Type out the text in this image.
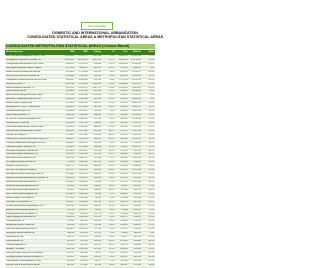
demographia
DOMESTIC AND INTERNATIONAL URBANIZATION
CONSOLIDATED STATISTICAL AREAS & METROPOLITAN STATISTICAL AREAS
CONSOLIDATED METROPOLITAN STATISTICAL AREAS (Census Based)
Metropolitan Area	1990	2000	Change	%	Core	Suburbs	Share
New York-Newark-Bridgeport NY-NJ-CT-PA	19,549,649	21,361,797	1,812,148	9.3%	8,008,278	13,353,519	37.5%
Los Angeles-Long Beach-Riverside CA	14,531,529	16,373,645	1,842,116	12.7%	3,694,820	12,678,825	22.6%
Chicago-Naperville-Michigan City IL-IN-WI	8,385,397	9,312,255	926,858	11.1%	2,896,016	6,416,239	31.1%
Washington-Baltimore-Northern Virginia	6,727,050	7,608,070	881,020	13.1%	572,059	7,036,011	7.5%
Boston-Worcester-Manchester MA-NH	5,455,403	5,715,698	260,295	4.8%	589,141	5,126,557	10.3%
San Jose-San Francisco-Oakland CA	6,290,008	7,039,362	749,354	11.9%	894,943	6,144,419	12.7%
Philadelphia-Camden-Vineland PA-NJ-DE-MD	5,892,937	6,188,463	295,526	5.0%	1,517,550	4,670,913	24.5%
Dallas-Fort Worth TX	4,037,282	5,221,801	1,184,519	29.3%	1,188,580	4,033,221	22.8%
Houston-Baytown-Huntsville TX	3,767,335	4,815,122	1,047,787	27.8%	1,953,631	2,861,491	40.6%
Detroit-Warren-Flint MI	5,095,695	5,357,538	261,843	5.1%	951,270	4,406,268	17.8%
Atlanta-Sandy Springs-Gainesville GA-AL	3,317,389	4,548,344	1,230,955	37.1%	416,474	4,131,870	9.2%
Miami-Fort Lauderdale-Miami Beach FL	4,056,100	5,007,564	951,464	23.5%	362,470	4,645,094	7.2%
Seattle-Tacoma-Olympia WA	2,970,328	3,604,165	633,837	21.3%	563,374	3,040,791	15.6%
Minneapolis-St. Paul-St. Cloud MN-WI	2,809,324	3,271,888	462,564	16.5%	382,618	2,889,270	11.7%
Cleveland-Akron-Elyria OH	2,859,644	2,945,831	86,187	3.0%	478,403	2,467,428	16.2%
Denver-Aurora-Boulder CO	1,980,140	2,449,044	468,904	23.7%	554,636	1,894,408	22.6%
St. Louis-St. Charles-Farmington MO-IL	2,580,897	2,698,687	117,790	4.6%	348,189	2,350,498	12.9%
Pittsburgh-New Castle PA	2,564,535	2,525,730	-38,805	-1.5%	334,563	2,191,167	13.2%
Sacramento-Arden-Arcade-Truckee CA-NV	1,563,495	1,930,149	366,654	23.5%	407,018	1,523,131	21.1%
Portland-Vancouver-Beaverton OR-WA	1,605,051	2,097,049	491,998	30.7%	529,121	1,567,928	25.2%
Orlando-The Villages FL	1,224,852	1,697,906	473,054	38.6%	185,951	1,511,955	11.0%
Kansas City-Overland Park-Kansas City MO-KS	1,636,527	1,901,070	264,543	16.2%	441,545	1,459,525	23.2%
Cincinnati-Middletown-Wilmington OH-KY-IN	1,880,332	2,050,175	169,843	9.0%	331,285	1,718,890	16.2%
Columbus-Marion-Chillicothe OH	1,545,013	1,781,449	236,436	15.3%	711,470	1,069,979	39.9%
Indianapolis-Anderson-Columbus IN	1,470,053	1,693,029	222,976	15.2%	781,870	911,159	46.2%
Charlotte-Gastonia-Salisbury NC-SC	1,202,539	1,500,069	297,530	24.7%	540,828	959,241	36.1%
Milwaukee-Racine-Waukesha WI	1,607,183	1,689,572	82,389	5.1%	596,974	1,092,598	35.3%
Las Vegas-Paradise-Pahrump NV	770,280	1,408,250	637,970	82.8%	478,434	929,816	34.0%
Raleigh-Durham-Cary NC	1,067,779	1,314,589	246,810	23.1%	276,093	1,038,496	21.0%
Salt Lake City-Ogden-Clearfield UT	1,072,227	1,454,259	382,032	35.6%	181,743	1,272,516	12.5%
Greensboro-Winston-Salem-High Point NC	1,158,434	1,309,025	150,591	13.0%	223,891	1,085,134	17.1%
Nashville-Davidson-Murfreesboro-Columbia TN	1,048,218	1,381,287	333,069	31.8%	545,524	835,763	39.5%
Hartford-West Hartford-Willimantic CT	1,123,678	1,148,618	24,940	2.2%	121,578	1,027,040	10.6%
Greenville-Spartanburg-Anderson SC	893,240	1,017,289	124,049	13.9%	56,002	961,287	5.5%
Grand Rapids-Muskegon-Holland MI	937,891	1,088,514	150,623	16.1%	197,800	890,714	18.2%
New Orleans-Metairie-Bogalusa LA	1,324,470	1,360,436	35,966	2.7%	484,674	875,762	35.6%
Buffalo-Niagara-Cattaraugus NY	1,272,305	1,254,066	-18,239	-1.4%	292,648	961,418	23.3%
Oklahoma City-Shawnee OK	1,015,117	1,148,881	133,764	13.2%	506,132	642,749	44.1%
Louisville-Elizabethtown-Scottsburg KY-IN	1,095,236	1,225,633	130,397	11.9%	256,231	969,402	20.9%
Albany-Schenectady-Amsterdam NY	993,716	1,010,071	16,355	1.6%	95,658	914,413	9.5%
Knoxville-Sevierville-La Follette TN	702,883	854,655	151,772	21.6%	173,890	680,765	20.3%
Dayton-Springfield-Greenville OH	1,100,216	1,085,094	-15,122	-1.4%	166,179	918,915	15.3%
Tulsa-Bartlesville OK	755,539	908,528	152,989	20.2%	393,049	515,479	43.3%
Birmingham-Hoover-Cullman AL	950,385	1,129,721	179,336	18.9%	242,820	886,901	21.5%
Rochester-Batavia-Seneca Falls NY	1,062,470	1,098,201	35,731	3.4%	219,773	878,428	20.0%
Harrisburg-Carlisle-Lebanon PA	588,282	629,401	41,119	7.0%	48,950	580,451	7.8%
Jacksonville FL-GA	906,727	1,122,750	216,023	23.8%	735,617	387,133	65.5%
Fresno-Madera CA	667,490	922,516	255,026	38.2%	427,652	494,864	46.4%
Columbia-Newberry SC	453,331	647,158	193,827	42.8%	116,278	530,880	18.0%
Memphis TN-MS-AR	1,067,263	1,205,204	137,941	12.9%	650,100	555,104	53.9%
Little Rock-North Little Rock-Pine Bluff AR	623,727	694,664	70,937	11.4%	183,133	511,531	26.4%
Lexington-Fayette-Frankfort-Richmond KY	531,917	645,891	113,974	21.4%	260,512	385,379	40.3%
Chattanooga-Cleveland-Athens TN-GA	489,566	528,143	38,577	7.9%	155,554	372,589	29.5%
Omaha-Council Bluffs-Fremont NE-IA	685,797	767,041	81,244	11.8%	390,007	377,034	50.8%
